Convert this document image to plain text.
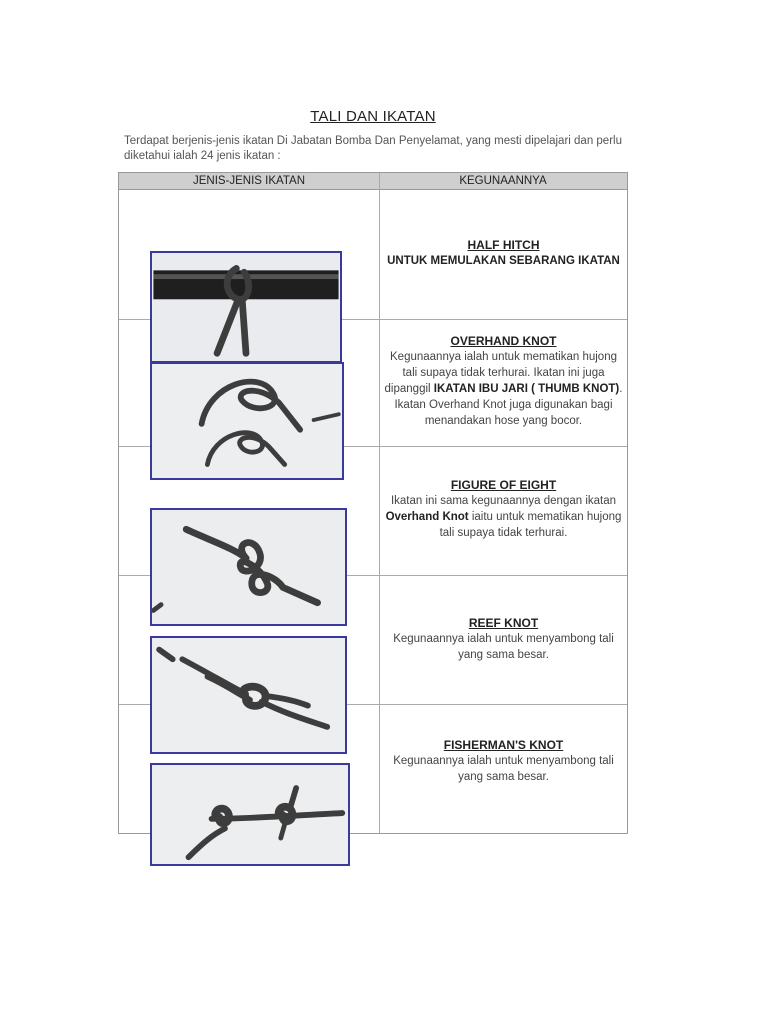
TALI DAN IKATAN
Terdapat berjenis-jenis ikatan Di Jabatan Bomba Dan Penyelamat, yang mesti dipelajari dan perlu diketahui ialah 24 jenis ikatan :
JENIS-JENIS IKATAN	KEGUNAANNYA
HALF HITCH
UNTUK MEMULAKAN SEBARANG IKATAN
OVERHAND KNOT
Kegunaannya ialah untuk mematikan hujong
tali supaya tidak terhurai. Ikatan ini juga
dipanggil IKATAN IBU JARI ( THUMB KNOT).
Ikatan Overhand Knot juga digunakan bagi
menandakan hose yang bocor.
FIGURE OF EIGHT
Ikatan ini sama kegunaannya dengan ikatan
Overhand Knot iaitu untuk mematikan hujong
tali supaya tidak terhurai.
REEF KNOT
Kegunaannya ialah untuk menyambong tali
yang sama besar.
FISHERMAN'S KNOT
Kegunaannya ialah untuk menyambong tali
yang sama besar.
